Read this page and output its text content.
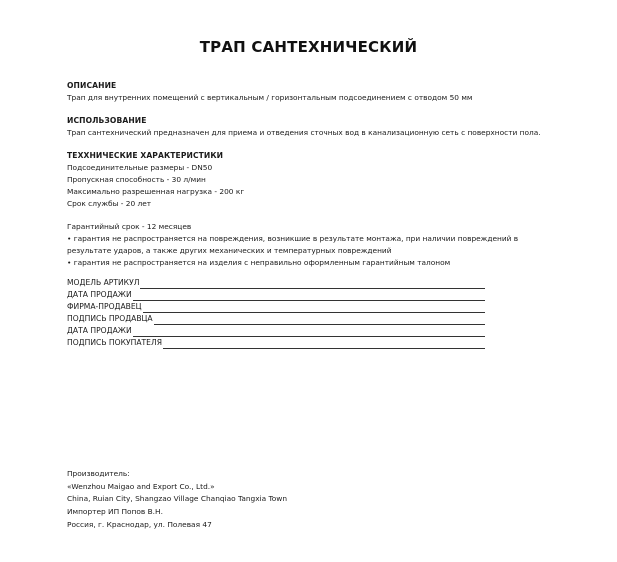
ТРАП САНТЕХНИЧЕСКИЙ
ОПИСАНИЕ
Трап для внутренних помещений с вертикальным / горизонтальным подсоединением с отводом 50 мм
ИСПОЛЬЗОВАНИЕ
Трап сантехнический предназначен для приема и отведения сточных вод в канализационную сеть с поверхности пола.
ТЕХХНИЧЕСКИЕ ХАРАКТЕРИСТИКИ
Подсоединительные размеры - DN50
Пропускная способность - 30 л/мин
Максимально разрешенная нагрузка - 200 кг
Срок службы - 20 лет
Гарантийный срок - 12 месяцев
• гарантия не распространяется на повреждения, возникшие в результате монтажа, при наличии повреждений в результате ударов, а также других механических и температурных повреждений
• гарантия не распространяется на изделия с неправильно оформленным гарантийным талоном
МОДЕЛЬ АРТИКУЛ
ДАТА ПРОДАЖИ
ФИРМА-ПРОДАВЕЦ
ПОДПИСЬ ПРОДАВЦА
ДАТА ПРОДАЖИ
ПОДПИСЬ ПОКУПАТЕЛЯ
Производитель:
«Wenzhou Maigao and Export Co., Ltd.»
China, Ruian City, Shangzao Village Chanqiao Tangxia Town
Импортер ИП Попов В.Н.
Россия, г. Краснодар, ул. Полевая 47
